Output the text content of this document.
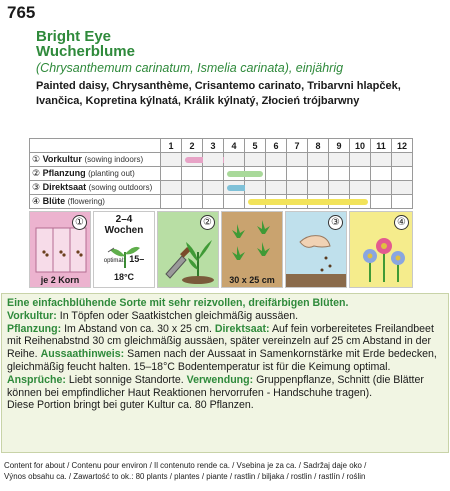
765
Bright Eye
Wucherblume
(Chrysanthemum carinatum, Ismelia carinata), einjährig
Painted daisy, Chrysanthème, Crisantemo carinato, Tribarvni hlapček,
Ivančica, Kopretina kýlnatá, Králik kýlnatý, Złocień trójbarwny
	1	2	3	4	5	6	7	8	9	10	11	12
① Vorkultur (sowing indoors)		

② Pflanzung (planting out)				

③ Direktsaat (sowing outdoors)				

④ Blüte (flowering)					

①
je 2 Korn
2–4
Wochen
optimal: 15–18°C
②
30 x 25 cm
③	④

Eine einfachblühende Sorte mit sehr reizvollen, dreifärbigen Blüten.

Vorkultur: In Töpfen oder Saatkistchen gleichmäßig aussäen.
Pflanzung: Im Abstand von ca. 30 x 25 cm. Direktsaat: Auf fein vorbereitetes Freilandbeet mit Reihenabstnd 30 cm gleichmäßig aussäen, später vereinzeln auf 25 cm Abstand in der Reihe. Aussaathinweis: Samen nach der Aussaat in Samenkornstärke mit Erde bedecken, gleichmäßig feucht halten. 15–18°C Bodentemperatur ist für die Keimung optimal. Ansprüche: Liebt sonnige Standorte. Verwendung: Gruppenpflanze, Schnitt (die Blätter können bei empfindlicher Haut Reaktionen hervorrufen - Handschuhe tragen).
Diese Portion bringt bei guter Kultur ca. 80 Pflanzen.

Content for about / Contenu pour environ / Il contenuto rende ca. / Vsebina je za ca. / Sadržaj daje oko /
Výnos obsahu ca. / Zawartość to ok.: 80 plants / plantes / piante / rastlin / biljaka / rostlin / rastlín / roślin
